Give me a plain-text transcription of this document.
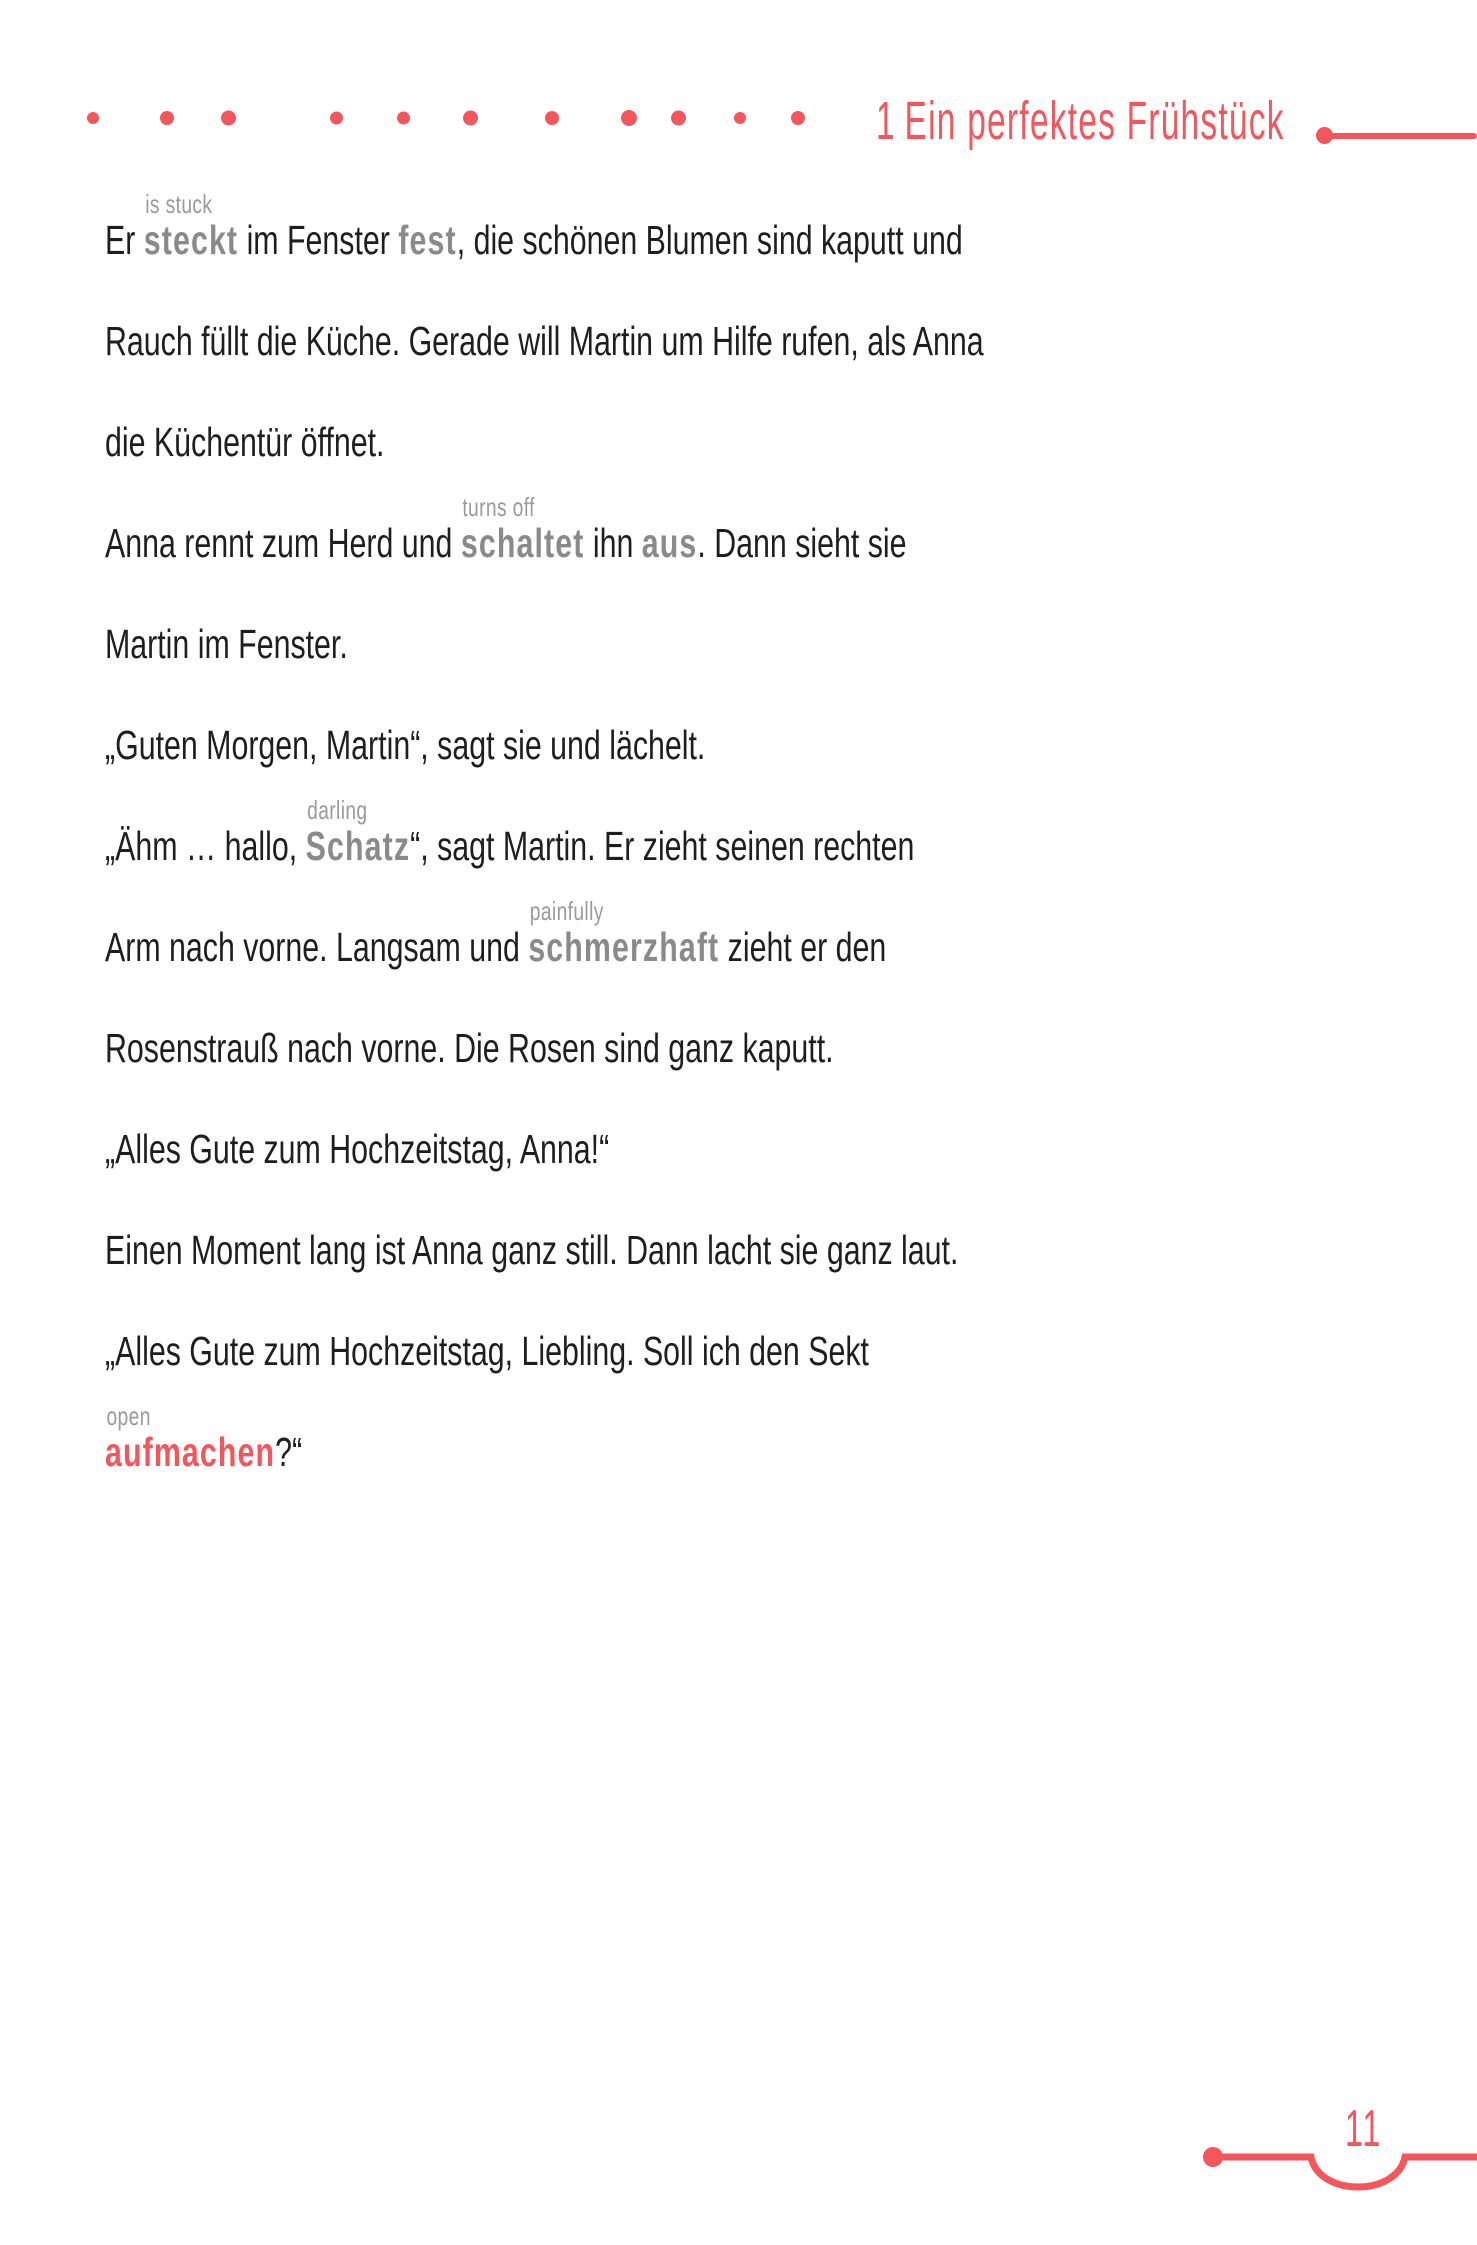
1 Ein perfektes Frühstück
Er
is stuck
steckt im Fenster fest, die schönen Blumen sind kaputt und
Rauch füllt die Küche. Gerade will Martin um Hilfe rufen, als Anna
die Küchentür öffnet.
Anna rennt zum Herd und
turns off
schaltet ihn aus. Dann sieht sie
Martin im Fenster.
„Guten Morgen, Martin“, sagt sie und lächelt.
„Ähm … hallo,
darling
Schatz“, sagt Martin. Er zieht seinen rechten
Arm nach vorne. Langsam und
painfully
schmerzhaft zieht er den
Rosenstrauß nach vorne. Die Rosen sind ganz kaputt.
„Alles Gute zum Hochzeitstag, Anna!“
Einen Moment lang ist Anna ganz still. Dann lacht sie ganz laut.
„Alles Gute zum Hochzeitstag, Liebling. Soll ich den Sekt
open
aufmachen?“
11
